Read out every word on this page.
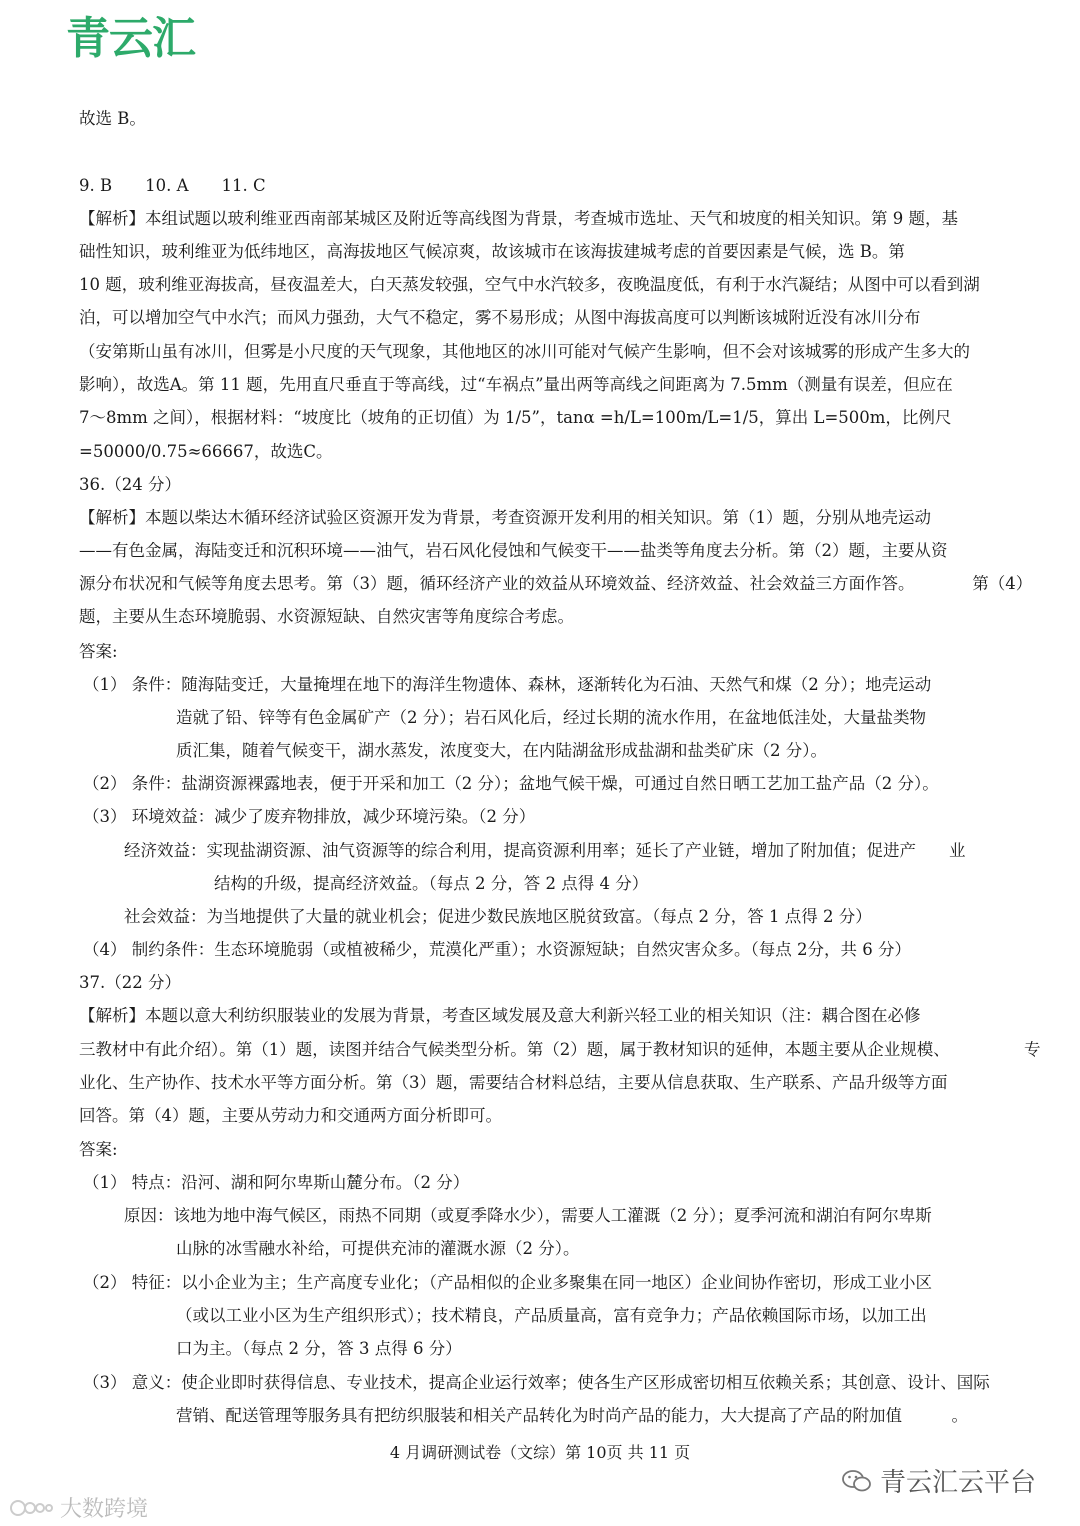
青云汇
故选 B。
9. B　　10. A　　11. C
【解析】本组试题以玻利维亚西南部某城区及附近等高线图为背景，考查城市选址、天气和坡度的相关知识。第 9 题，基
础性知识，玻利维亚为低纬地区，高海拔地区气候凉爽，故该城市在该海拔建城考虑的首要因素是气候，选 B。第
10 题，玻利维亚海拔高，昼夜温差大，白天蒸发较强，空气中水汽较多，夜晚温度低，有利于水汽凝结；从图中可以看到湖
泊，可以增加空气中水汽；而风力强劲，大气不稳定，雾不易形成；从图中海拔高度可以判断该城附近没有冰川分布
（安第斯山虽有冰川，但雾是小尺度的天气现象，其他地区的冰川可能对气候产生影响，但不会对该城雾的形成产生多大的
影响），故选A。第 11 题，先用直尺垂直于等高线，过“车祸点”量出两等高线之间距离为 7.5mm（测量有误差，但应在
7～8mm 之间），根据材料：“坡度比（坡角的正切值）为 1/5”，tanα =h/L=100m/L=1/5，算出 L=500m，比例尺
=50000/0.75≈66667，故选C。
36.（24 分）
【解析】本题以柴达木循环经济试验区资源开发为背景，考查资源开发利用的相关知识。第（1）题，分别从地壳运动
——有色金属，海陆变迁和沉积环境——油气，岩石风化侵蚀和气候变干——盐类等角度去分析。第（2）题，主要从资
源分布状况和气候等角度去思考。第（3）题，循环经济产业的效益从环境效益、经济效益、社会效益三方面作答。　　　　第（4）
题，主要从生态环境脆弱、水资源短缺、自然灾害等角度综合考虑。
答案:
（1） 条件：随海陆变迁，大量掩埋在地下的海洋生物遗体、森林，逐渐转化为石油、天然气和煤（2 分）；地壳运动
造就了铅、锌等有色金属矿产（2 分）；岩石风化后，经过长期的流水作用，在盆地低洼处，大量盐类物
质汇集，随着气候变干，湖水蒸发，浓度变大，在内陆湖盆形成盐湖和盐类矿床（2 分）。
（2） 条件：盐湖资源裸露地表，便于开采和加工（2 分）；盆地气候干燥，可通过自然日晒工艺加工盐产品（2 分）。
（3） 环境效益：减少了废弃物排放，减少环境污染。（2 分）
经济效益：实现盐湖资源、油气资源等的综合利用，提高资源利用率；延长了产业链，增加了附加值；促进产　　业
结构的升级，提高经济效益。（每点 2 分，答 2 点得 4 分）
社会效益：为当地提供了大量的就业机会；促进少数民族地区脱贫致富。（每点 2 分，答 1 点得 2 分）
（4） 制约条件：生态环境脆弱（或植被稀少，荒漠化严重）；水资源短缺；自然灾害众多。（每点 2分，共 6 分）
37.（22 分）
【解析】本题以意大利纺织服装业的发展为背景，考查区域发展及意大利新兴轻工业的相关知识（注：耦合图在必修
三教材中有此介绍）。第（1）题，读图并结合气候类型分析。第（2）题，属于教材知识的延伸，本题主要从企业规模、　　　　　专
业化、生产协作、技术水平等方面分析。第（3）题，需要结合材料总结，主要从信息获取、生产联系、产品升级等方面
回答。第（4）题，主要从劳动力和交通两方面分析即可。
答案:
（1） 特点：沿河、湖和阿尔卑斯山麓分布。（2 分）
原因：该地为地中海气候区，雨热不同期（或夏季降水少），需要人工灌溉（2 分）；夏季河流和湖泊有阿尔卑斯
山脉的冰雪融水补给，可提供充沛的灌溉水源（2 分）。
（2） 特征：以小企业为主；生产高度专业化；（产品相似的企业多聚集在同一地区）企业间协作密切，形成工业小区
（或以工业小区为生产组织形式）；技术精良，产品质量高，富有竞争力；产品依赖国际市场，以加工出
口为主。（每点 2 分，答 3 点得 6 分）
（3） 意义：使企业即时获得信息、专业技术，提高企业运行效率；使各生产区形成密切相互依赖关系；其创意、设计、国际
营销、配送管理等服务具有把纺织服装和相关产品转化为时尚产品的能力，大大提高了产品的附加值　　　。
4 月调研测试卷（文综）第 10页 共 11 页
青云汇云平台
大数跨境
